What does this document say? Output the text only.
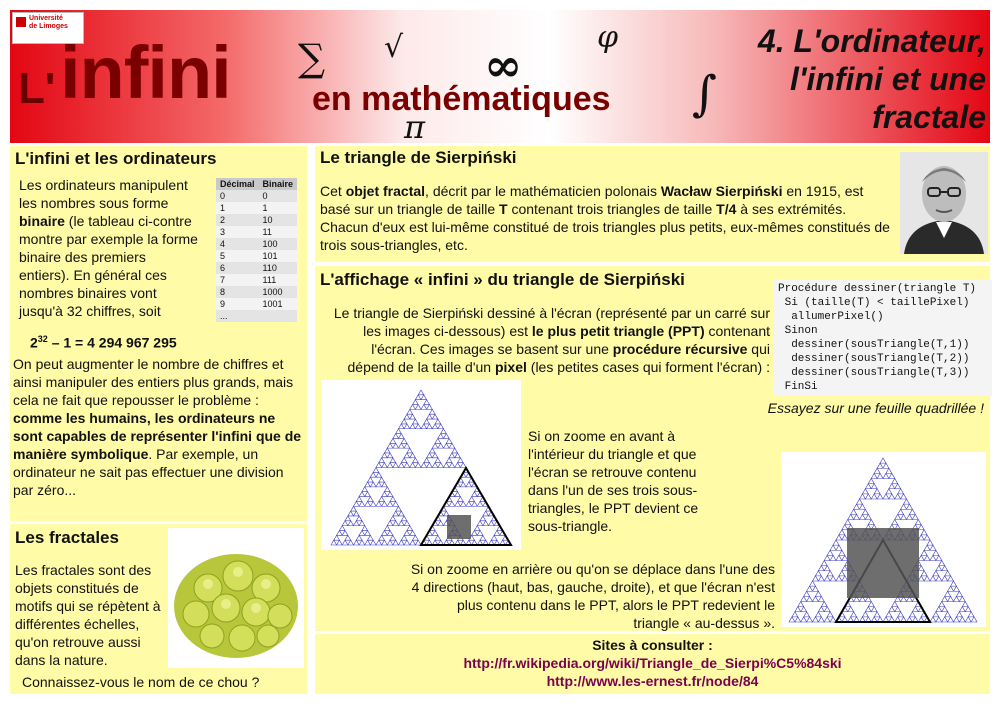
Université
de Limoges
L' infini ∑ √ ∞
φ
en mathématiques
π
∫
4. L'ordinateur, l'infini et une fractale
L'infini et les ordinateurs
Les ordinateurs manipulent les nombres sous forme binaire (le tableau ci-contre montre par exemple la forme binaire des premiers entiers). En général ces nombres binaires vont jusqu'à 32 chiffres, soit
$2^{32} - 1 = 4$ 294 967 295
Décimal	Binaire
0	0
1	1
2	10
3	11
4	100
5	101
6	110
7	111
8	1000
9	1001
...	
On peut augmenter le nombre de chiffres et ainsi manipuler des entiers plus grands, mais cela ne fait que repousser le problème : comme les humains, les ordinateurs ne sont capables de représenter l'infini que de manière symbolique. Par exemple, un ordinateur ne sait pas effectuer une division par zéro...
Les fractales
Les fractales sont des objets constitués de motifs qui se répètent à différentes échelles, qu'on retrouve aussi dans la nature.
Connaissez-vous le nom de ce chou ?
Le triangle de Sierpiński
Cet objet fractal, décrit par le mathématicien polonais Wacław Sierpiński en 1915, est basé sur un triangle de taille T contenant trois triangles de taille T/4 à ses extrémités. Chacun d'eux est lui-même constitué de trois triangles plus petits, eux-mêmes constitués de trois sous-triangles, etc.
L'affichage « infini » du triangle de Sierpiński	Procédure dessiner(triangle T)
Si (taille(T) < taillePixel)
allumerPixel()
Sinon
dessiner(sousTriangle(T,1))
dessiner(sousTriangle(T,2))
dessiner(sousTriangle(T,3))
FinSi
Le triangle de Sierpiński dessiné à l'écran (représenté par un carré sur les images ci-dessous) est le plus petit triangle (PPT) contenant l'écran. Ces images se basent sur une procédure récursive qui dépend de la taille d'un pixel (les petites cases qui forment l'écran) :
Essayez sur une feuille quadrillée !
Si on zoome en avant à l'intérieur du triangle et que l'écran se retrouve contenu dans l'un de ses trois sous-triangles, le PPT devient ce sous-triangle.
Si on zoome en arrière ou qu'on se déplace dans l'une des 4 directions (haut, bas, gauche, droite), et que l'écran n'est plus contenu dans le PPT, alors le PPT redevient le triangle « au-dessus ».
Sites à consulter :
http://fr.wikipedia.org/wiki/Triangle_de_Sierpi%C5%84ski
http://www.les-ernest.fr/node/84
